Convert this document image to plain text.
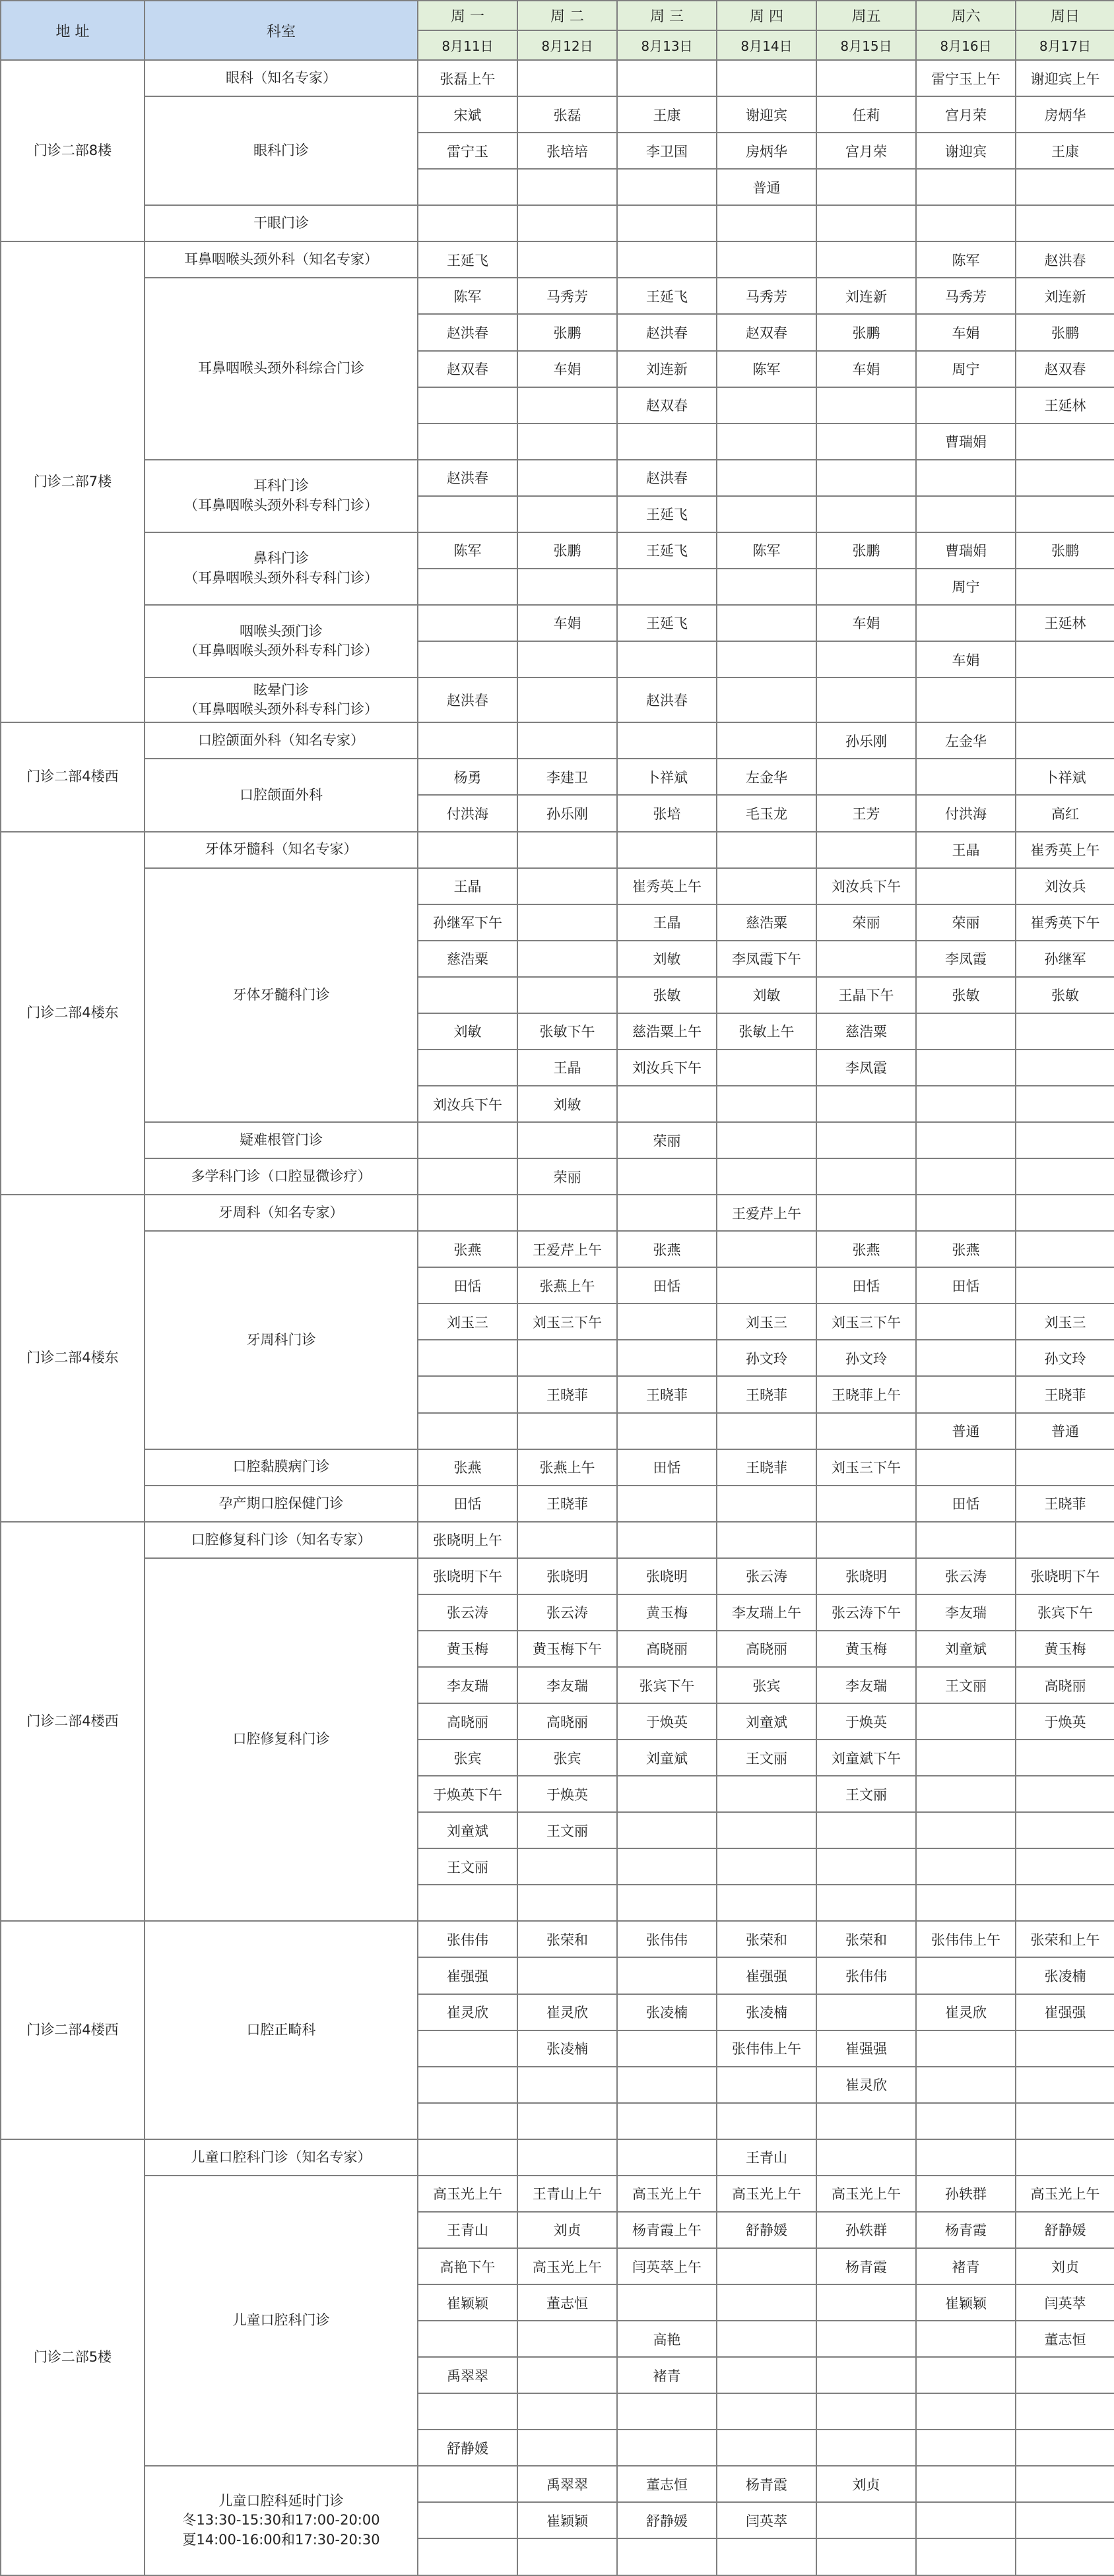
地 址	科室	周 一	周 二	周 三	周 四	周五	周六	周日
		8月11日	8月12日	8月13日	8月14日	8月15日	8月16日	8月17日
门诊二部8楼	眼科（知名专家）	张磊上午					雷宁玉上午	谢迎宾上午

	眼科门诊	宋斌	张磊	王康	谢迎宾	任莉	宫月荣	房炳华
		雷宁玉	张培培	李卫国	房炳华	宫月荣	谢迎宾	王康
					普通			

	干眼门诊							

门诊二部7楼	耳鼻咽喉头颈外科（知名专家）	王延飞					陈军	赵洪春

	耳鼻咽喉头颈外科综合门诊	陈军	马秀芳	王延飞	马秀芳	刘连新	马秀芳	刘连新
		赵洪春	张鹏	赵洪春	赵双春	张鹏	车娟	张鹏
		赵双春	车娟	刘连新	陈军	车娟	周宁	赵双春
				赵双春				王延林
							曹瑞娟	

	耳科门诊
（耳鼻咽喉头颈外科专科门诊）	赵洪春		赵洪春				
				王延飞				

	鼻科门诊
（耳鼻咽喉头颈外科专科门诊）	陈军	张鹏	王延飞	陈军	张鹏	曹瑞娟	张鹏
							周宁	

	咽喉头颈门诊
（耳鼻咽喉头颈外科专科门诊）		车娟	王延飞		车娟		王延林
							车娟	

	眩晕门诊
（耳鼻咽喉头颈外科专科门诊）	赵洪春		赵洪春				
门诊二部4楼西	口腔颌面外科（知名专家）					孙乐刚	左金华	

	口腔颌面外科	杨勇	李建卫	卜祥斌	左金华			卜祥斌
		付洪海	孙乐刚	张培	毛玉龙	王芳	付洪海	高红
门诊二部4楼东	牙体牙髓科（知名专家）						王晶	崔秀英上午

	牙体牙髓科门诊	王晶		崔秀英上午		刘汝兵下午		刘汝兵
		孙继军下午		王晶	慈浩粟	荣丽	荣丽	崔秀英下午
		慈浩粟		刘敏	李凤霞下午		李凤霞	孙继军
				张敏	刘敏	王晶下午	张敏	张敏
		刘敏	张敏下午	慈浩粟上午	张敏上午	慈浩粟		
			王晶	刘汝兵下午		李凤霞		
		刘汝兵下午	刘敏					

	疑难根管门诊			荣丽				

	多学科门诊（口腔显微诊疗）		荣丽					
门诊二部4楼东	牙周科（知名专家）				王爱芹上午			

	牙周科门诊	张燕	王爱芹上午	张燕		张燕	张燕	
		田恬	张燕上午	田恬		田恬	田恬	
		刘玉三	刘玉三下午		刘玉三	刘玉三下午		刘玉三
					孙文玲	孙文玲		孙文玲
			王晓菲	王晓菲	王晓菲	王晓菲上午		王晓菲
							普通	普通

	口腔黏膜病门诊	张燕	张燕上午	田恬	王晓菲	刘玉三下午		

	孕产期口腔保健门诊	田恬	王晓菲				田恬	王晓菲
门诊二部4楼西	口腔修复科门诊（知名专家）	张晓明上午						

	口腔修复科门诊	张晓明下午	张晓明	张晓明	张云涛	张晓明	张云涛	张晓明下午
		张云涛	张云涛	黄玉梅	李友瑞上午	张云涛下午	李友瑞	张宾下午
		黄玉梅	黄玉梅下午	高晓丽	高晓丽	黄玉梅	刘童斌	黄玉梅
		李友瑞	李友瑞	张宾下午	张宾	李友瑞	王文丽	高晓丽
		高晓丽	高晓丽	于焕英	刘童斌	于焕英		于焕英
		张宾	张宾	刘童斌	王文丽	刘童斌下午		
		于焕英下午	于焕英			王文丽		
		刘童斌	王文丽					
		王文丽						

门诊二部4楼西	口腔正畸科	张伟伟	张荣和	张伟伟	张荣和	张荣和	张伟伟上午	张荣和上午
		崔强强			崔强强	张伟伟		张凌楠
		崔灵欣	崔灵欣	张凌楠	张凌楠		崔灵欣	崔强强
			张凌楠		张伟伟上午	崔强强		
						崔灵欣		

门诊二部5楼	儿童口腔科门诊（知名专家）				王青山			

	儿童口腔科门诊	高玉光上午	王青山上午	高玉光上午	高玉光上午	高玉光上午	孙轶群	高玉光上午
		王青山	刘贞	杨青霞上午	舒静媛	孙轶群	杨青霞	舒静媛
		高艳下午	高玉光上午	闫英萃上午		杨青霞	褚青	刘贞
		崔颖颖	董志恒				崔颖颖	闫英萃
				高艳				董志恒
		禹翠翠		褚青				

		舒静媛						

	儿童口腔科延时门诊
冬13:30-15:30和17:00-20:00
夏14:00-16:00和17:30-20:30		禹翠翠	董志恒	杨青霞	刘贞		
			崔颖颖	舒静媛	闫英萃			
